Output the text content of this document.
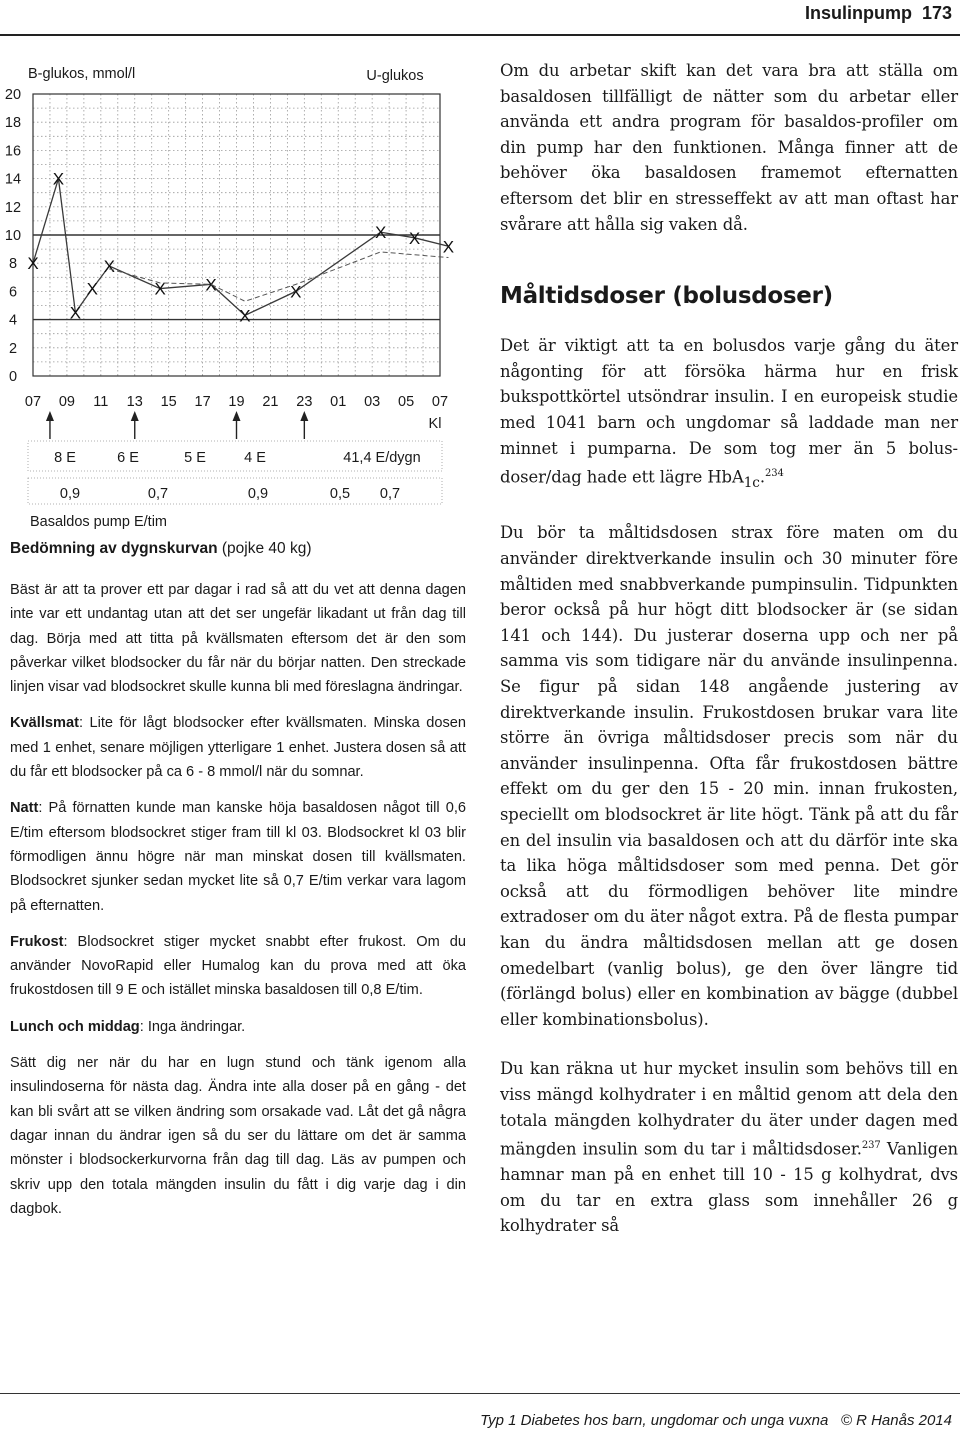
Insulinpump 173
X
X
X
X
X
X X
X
X
X X X
0
2
4
6
8
10
12
14
16
18
20
B-glukos, mmol/l	U-glukos
07 09 11 13 15 17 19 21 23 01 03 05 07
Kl
8 E	6 E	5 E	4 E	41,4 E/dygn
0,9	0,7	0,9	0,5 0,7
Basaldos pump E/tim

Bedömning av dygnskurvan (pojke 40 kg)

Bäst är att ta prover ett par dagar i rad så att du vet att denna dagen inte var ett undantag utan att det ser ungefär likadant ut från dag till dag. Börja med att titta på kvällsmaten eftersom det är den som påverkar vilket blodsocker du får när du börjar natten. Den streckade linjen visar vad blodsockret skulle kunna bli med föreslagna ändringar.

Kvällsmat: Lite för lågt blodsocker efter kvällsmaten. Minska dosen med 1 enhet, senare möjligen ytterligare 1 enhet. Justera dosen så att du får ett blodsocker på ca 6 - 8 mmol/l när du somnar.

Natt: På förnatten kunde man kanske höja basaldosen något till 0,6 E/tim eftersom blodsockret stiger fram till kl 03. Blodsockret kl 03 blir förmodligen ännu högre när man minskat dosen till kvällsmaten. Blodsockret sjunker sedan mycket lite så 0,7 E/tim verkar vara lagom på efternatten.

Frukost: Blodsockret stiger mycket snabbt efter frukost. Om du använder NovoRapid eller Humalog kan du prova med att öka frukostdosen till 9 E och istället minska basaldosen till 0,8 E/tim.

Lunch och middag: Inga ändringar.

Sätt dig ner när du har en lugn stund och tänk igenom alla insulindoserna för nästa dag. Ändra inte alla doser på en gång - det kan bli svårt att se vilken ändring som orsakade vad. Låt det gå några dagar innan du ändrar igen så du ser du lättare om det är samma mönster i blodsockerkurvorna från dag till dag. Läs av pumpen och skriv upp den totala mängden insulin du fått i dig varje dag i din dagbok.

Om du arbetar skift kan det vara bra att ställa om basaldosen tillfälligt de nätter som du arbetar eller använda ett andra program för basaldos-profiler om din pump har den funktionen. Många finner att de behöver öka basaldosen framemot efternatten eftersom det blir en stresseffekt av att man oftast har svårare att hålla sig vaken då.

Måltidsdoser (bolusdoser)

Det är viktigt att ta en bolusdos varje gång du äter någonting för att försöka härma hur en frisk bukspottkörtel utsöndrar insulin. I en europeisk studie med 1041 barn och ungdomar så laddade man ner minnet i pumparna. De som tog mer än 5 bolus-doser/dag hade ett lägre HbA$_{1c}$.$^{234}$

Du bör ta måltidsdosen strax före maten om du använder direktverkande insulin och 30 minuter före måltiden med snabbverkande pumpinsulin. Tidpunkten beror också på hur högt ditt blodsocker är (se sidan 141 och 144). Du justerar doserna upp och ner på samma vis som tidigare när du använde insulinpenna. Se figur på sidan 148 angående justering av direktverkande insulin. Frukostdosen brukar vara lite större än övriga måltidsdoser precis som när du använder insulinpenna. Ofta får frukostdosen bättre effekt om du ger den 15 - 20 min. innan frukosten, speciellt om blodsockret är lite högt. Tänk på att du får en del insulin via basaldosen och att du därför inte ska ta lika höga måltidsdoser som med penna. Det gör också att du förmodligen behöver lite mindre extradoser om du äter något extra. På de flesta pumpar kan du ändra måltidsdosen mellan att ge dosen omedelbart (vanlig bolus), ge den över längre tid (förlängd bolus) eller en kombination av bägge (dubbel eller kombinationsbolus).

Du kan räkna ut hur mycket insulin som behövs till en viss mängd kolhydrater i en måltid genom att dela den totala mängden kolhydrater du äter under dagen med mängden insulin som du tar i måltidsdoser.$^{237}$ Vanligen hamnar man på en enhet till 10 - 15 g kolhydrat, dvs om du tar en extra glass som innehåller 26 g kolhydrater så

Typ 1 Diabetes hos barn, ungdomar och unga vuxna © R Hanås 2014
